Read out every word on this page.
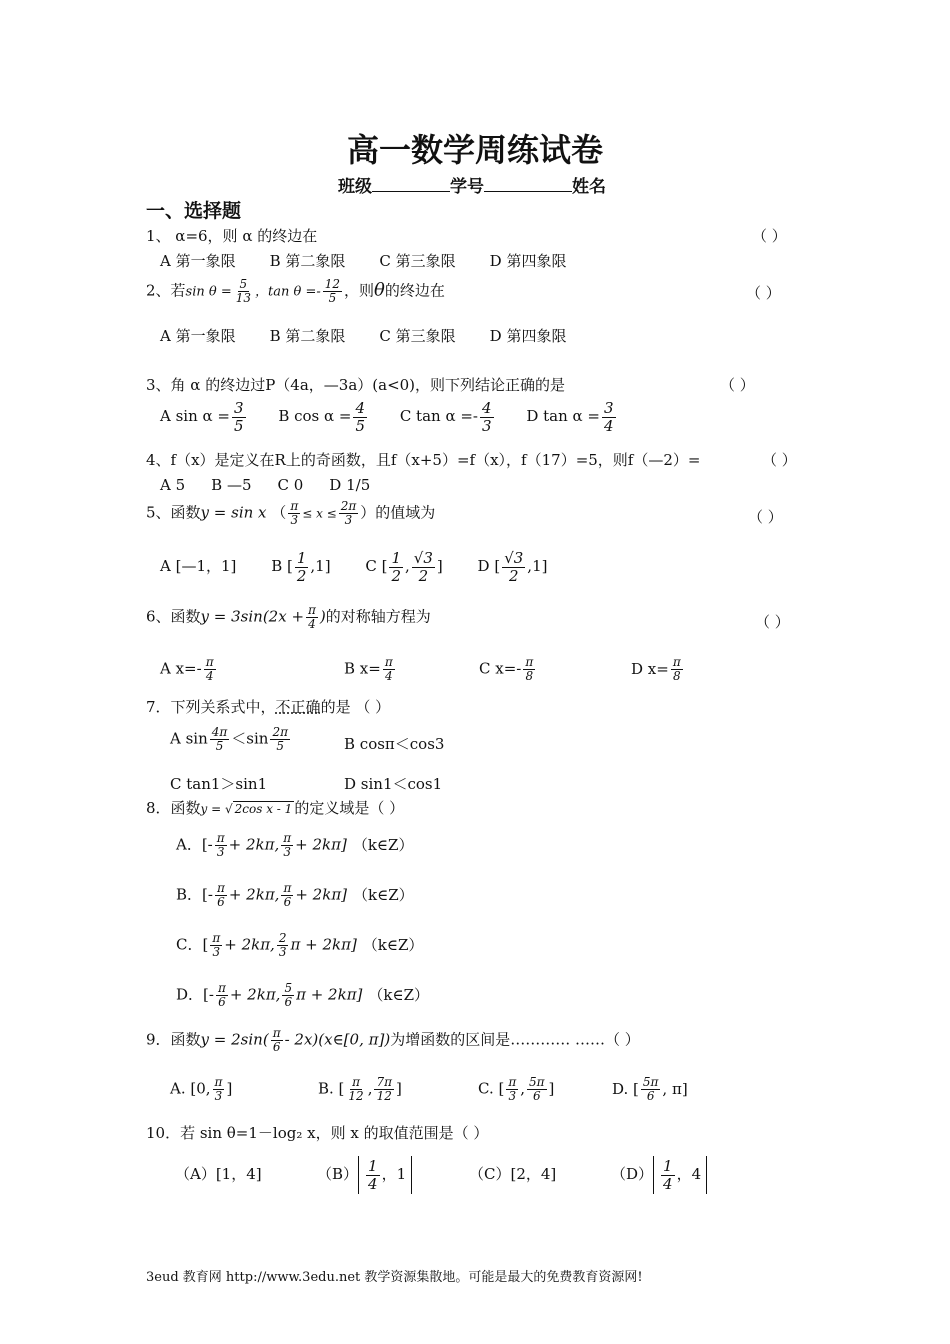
高一数学周练试卷
班级	学号	姓名
一、选择题
1、 α=6，则 α 的终边在	（ ）
A 第一象限 B 第二象限 C 第三象限 D 第四象限
2、若$\sin \theta = \frac{5}{13}$ ，$\tan \theta =- \frac{12}{5}$ ，则θ的终边在	（ ）
A 第一象限 B 第二象限 C 第三象限 D 第四象限
3、角 α 的终边过P（4a，—3a）(a<0)，则下列结论正确的是	（ ）
A $\sin \alpha = \frac{3}{5}$ B $\cos \alpha = \frac{4}{5}$ C $\tan \alpha =- \frac{4}{3}$ D $\tan \alpha = \frac{3}{4}$
4、f（x）是定义在R上的奇函数，且f（x+5）=f（x），f（17）=5，则f（—2）=	（ ）
A 5 B —5 C 0 D 1/5
5、函数y = sin x （ $\frac{\pi}{3} \le x \le \frac{2\pi}{3}$ ）的值域为	（ ）
A [—1，1] B [ $\frac{1}{2} ,1$] C [ $\frac{1}{2}$ , $\frac{√3}{2}$ ] D [ $\frac{√3}{2} ,1$]
6、函数$y = 3\sin(2x + \frac{\pi}{4}$ )的对称轴方程为	（ ）
A $x=- \frac{\pi}{4}$	B $x= \frac{\pi}{4}$	C $x=- \frac{\pi}{8}$	D $x= \frac{\pi}{8}$
7．下列关系式中，不正确的是 （ ）
A $\sin \frac{4\pi}{5} <\sin \frac{2\pi}{5}$	B cosπ＜cos3
C tan1＞sin1	D sin1＜cos1
8．函数y = √ 2cos x - 1 的定义域是（ ）
A．[- $\frac{\pi}{3} + 2k\pi$, $\frac{\pi}{3} + 2k\pi$] （k∈Z）
B．[- $\frac{\pi}{6} + 2k\pi$, $\frac{\pi}{6} + 2k\pi$] （k∈Z）
C．[ $\frac{\pi}{3} + 2k\pi$, $\frac{2}{3}$ π + 2kπ] （k∈Z）
D．[- $\frac{\pi}{6} + 2k\pi$, $\frac{5}{6}$ π + 2kπ] （k∈Z）
9．函数$y = 2\sin( \frac{\pi}{6}$ - 2x)(x∈[0, π])为增函数的区间是………… ……（ ）
A. [0, $\frac{\pi}{3}$ ]	B. [ $\frac{\pi}{12}$ , $\frac{7\pi}{12}$ ]	C. [ $\frac{\pi}{3}$ , $\frac{5\pi}{6}$ ]	D. [ $\frac{5\pi}{6}$ , π]
10．若 sin θ=1－log₂ x，则 x 的取值范围是（ ）
（A）[1，4]	$(B) \frac{1}{4}$ ，1	（C）[2，4]	$(D) \frac{1}{4}$ ，4
3eud 教育网 http://www.3edu.net 教学资源集散地。可能是最大的免费教育资源网!
